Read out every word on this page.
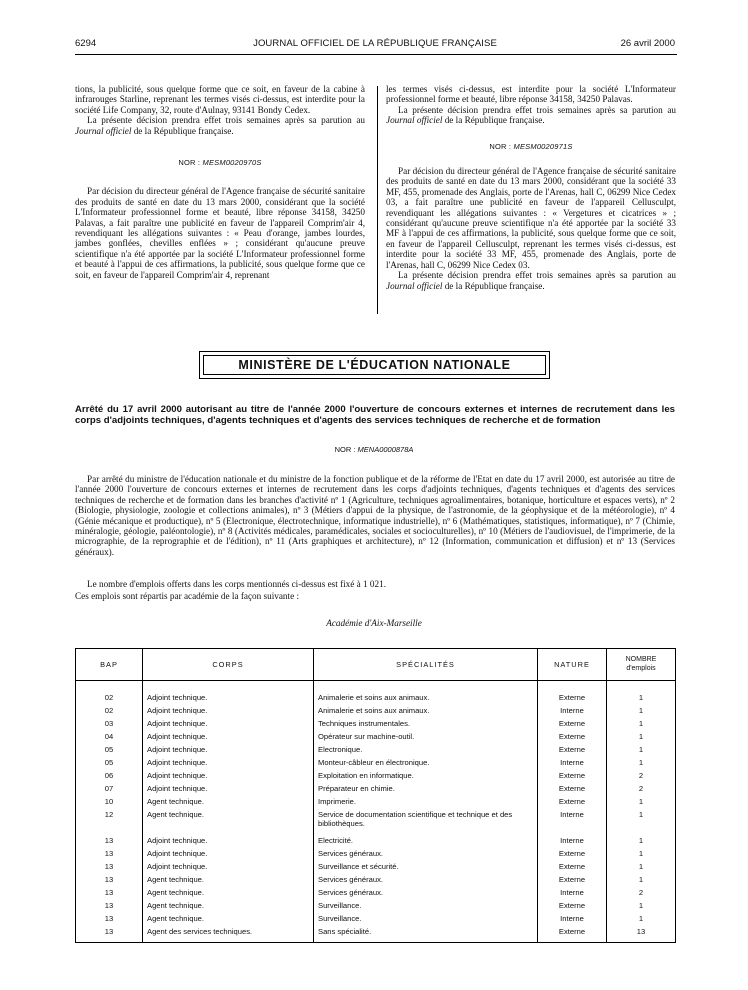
6294	JOURNAL OFFICIEL DE LA RÉPUBLIQUE FRANÇAISE	26 avril 2000

tions, la publicité, sous quelque forme que ce soit, en faveur de la cabine à infrarouges Starline, reprenant les termes visés ci-dessus, est interdite pour la société Life Company, 32, route d'Aulnay, 93141 Bondy Cedex.

La présente décision prendra effet trois semaines après sa parution au Journal officiel de la République française.

NOR : MESM0020970S

Par décision du directeur général de l'Agence française de sécurité sanitaire des produits de santé en date du 13 mars 2000, considérant que la société L'Informateur professionnel forme et beauté, libre réponse 34158, 34250 Palavas, a fait paraître une publicité en faveur de l'appareil Comprim'air 4, revendiquant les allégations suivantes : « Peau d'orange, jambes lourdes, jambes gonflées, chevilles enflées » ; considérant qu'aucune preuve scientifique n'a été apportée par la société L'Informateur professionnel forme et beauté à l'appui de ces affirmations, la publicité, sous quelque forme que ce soit, en faveur de l'appareil Comprim'air 4, reprenant

les termes visés ci-dessus, est interdite pour la société L'Informateur professionnel forme et beauté, libre réponse 34158, 34250 Palavas.

La présente décision prendra effet trois semaines après sa parution au Journal officiel de la République française.

NOR : MESM0020971S

Par décision du directeur général de l'Agence française de sécurité sanitaire des produits de santé en date du 13 mars 2000, considérant que la société 33 MF, 455, promenade des Anglais, porte de l'Arenas, hall C, 06299 Nice Cedex 03, a fait paraître une publicité en faveur de l'appareil Cellusculpt, revendiquant les allégations suivantes : « Vergetures et cicatrices » ; considérant qu'aucune preuve scientifique n'a été apportée par la société 33 MF à l'appui de ces affirmations, la publicité, sous quelque forme que ce soit, en faveur de l'appareil Cellusculpt, reprenant les termes visés ci-dessus, est interdite pour la société 33 MF, 455, promenade des Anglais, porte de l'Arenas, hall C, 06299 Nice Cedex 03.

La présente décision prendra effet trois semaines après sa parution au Journal officiel de la République française.

MINISTÈRE DE L'ÉDUCATION NATIONALE
Arrêté du 17 avril 2000 autorisant au titre de l'année 2000 l'ouverture de concours externes et internes de recrutement dans les corps d'adjoints techniques, d'agents techniques et d'agents des services techniques de recherche et de formation
NOR : MENA0000878A

Par arrêté du ministre de l'éducation nationale et du ministre de la fonction publique et de la réforme de l'Etat en date du 17 avril 2000, est autorisée au titre de l'année 2000 l'ouverture de concours externes et internes de recrutement dans les corps d'adjoints techniques, d'agents techniques et d'agents des services techniques de recherche et de formation dans les branches d'activité nº 1 (Agriculture, techniques agroalimentaires, botanique, horticulture et espaces verts), nº 2 (Biologie, physiologie, zoologie et collections animales), nº 3 (Métiers d'appui de la physique, de l'astronomie, de la géophysique et de la météorologie), nº 4 (Génie mécanique et productique), nº 5 (Electronique, électrotechnique, informatique industrielle), nº 6 (Mathématiques, statistiques, informatique), nº 7 (Chimie, minéralogie, géologie, paléontologie), nº 8 (Activités médicales, paramédicales, sociales et socioculturelles), nº 10 (Métiers de l'audiovisuel, de l'imprimerie, de la micrographie, de la reprographie et de l'édition), nº 11 (Arts graphiques et architecture), nº 12 (Information, communication et diffusion) et nº 13 (Services généraux).

Le nombre d'emplois offerts dans les corps mentionnés ci-dessus est fixé à 1 021.

Ces emplois sont répartis par académie de la façon suivante :

Académie d'Aix-Marseille
BAP	CORPS	SPÉCIALITÉS	NATURE	NOMBRE
d'emplois

02	Adjoint technique.	Animalerie et soins aux animaux.	Externe	1
02	Adjoint technique.	Animalerie et soins aux animaux.	Interne	1
03	Adjoint technique.	Techniques instrumentales.	Externe	1
04	Adjoint technique.	Opérateur sur machine-outil.	Externe	1
05	Adjoint technique.	Electronique.	Externe	1
05	Adjoint technique.	Monteur-câbleur en électronique.	Interne	1
06	Adjoint technique.	Exploitation en informatique.	Externe	2
07	Adjoint technique.	Préparateur en chimie.	Externe	2
10	Agent technique.	Imprimerie.	Externe	1
12	Agent technique.	Service de documentation scientifique et technique et des bibliothèques.	Interne	1
13	Adjoint technique.	Electricité.	Interne	1
13	Adjoint technique.	Services généraux.	Externe	1
13	Adjoint technique.	Surveillance et sécurité.	Externe	1
13	Agent technique.	Services généraux.	Externe	1
13	Agent technique.	Services généraux.	Interne	2
13	Agent technique.	Surveillance.	Externe	1
13	Agent technique.	Surveillance.	Interne	1
13	Agent des services techniques.	Sans spécialité.	Externe	13
